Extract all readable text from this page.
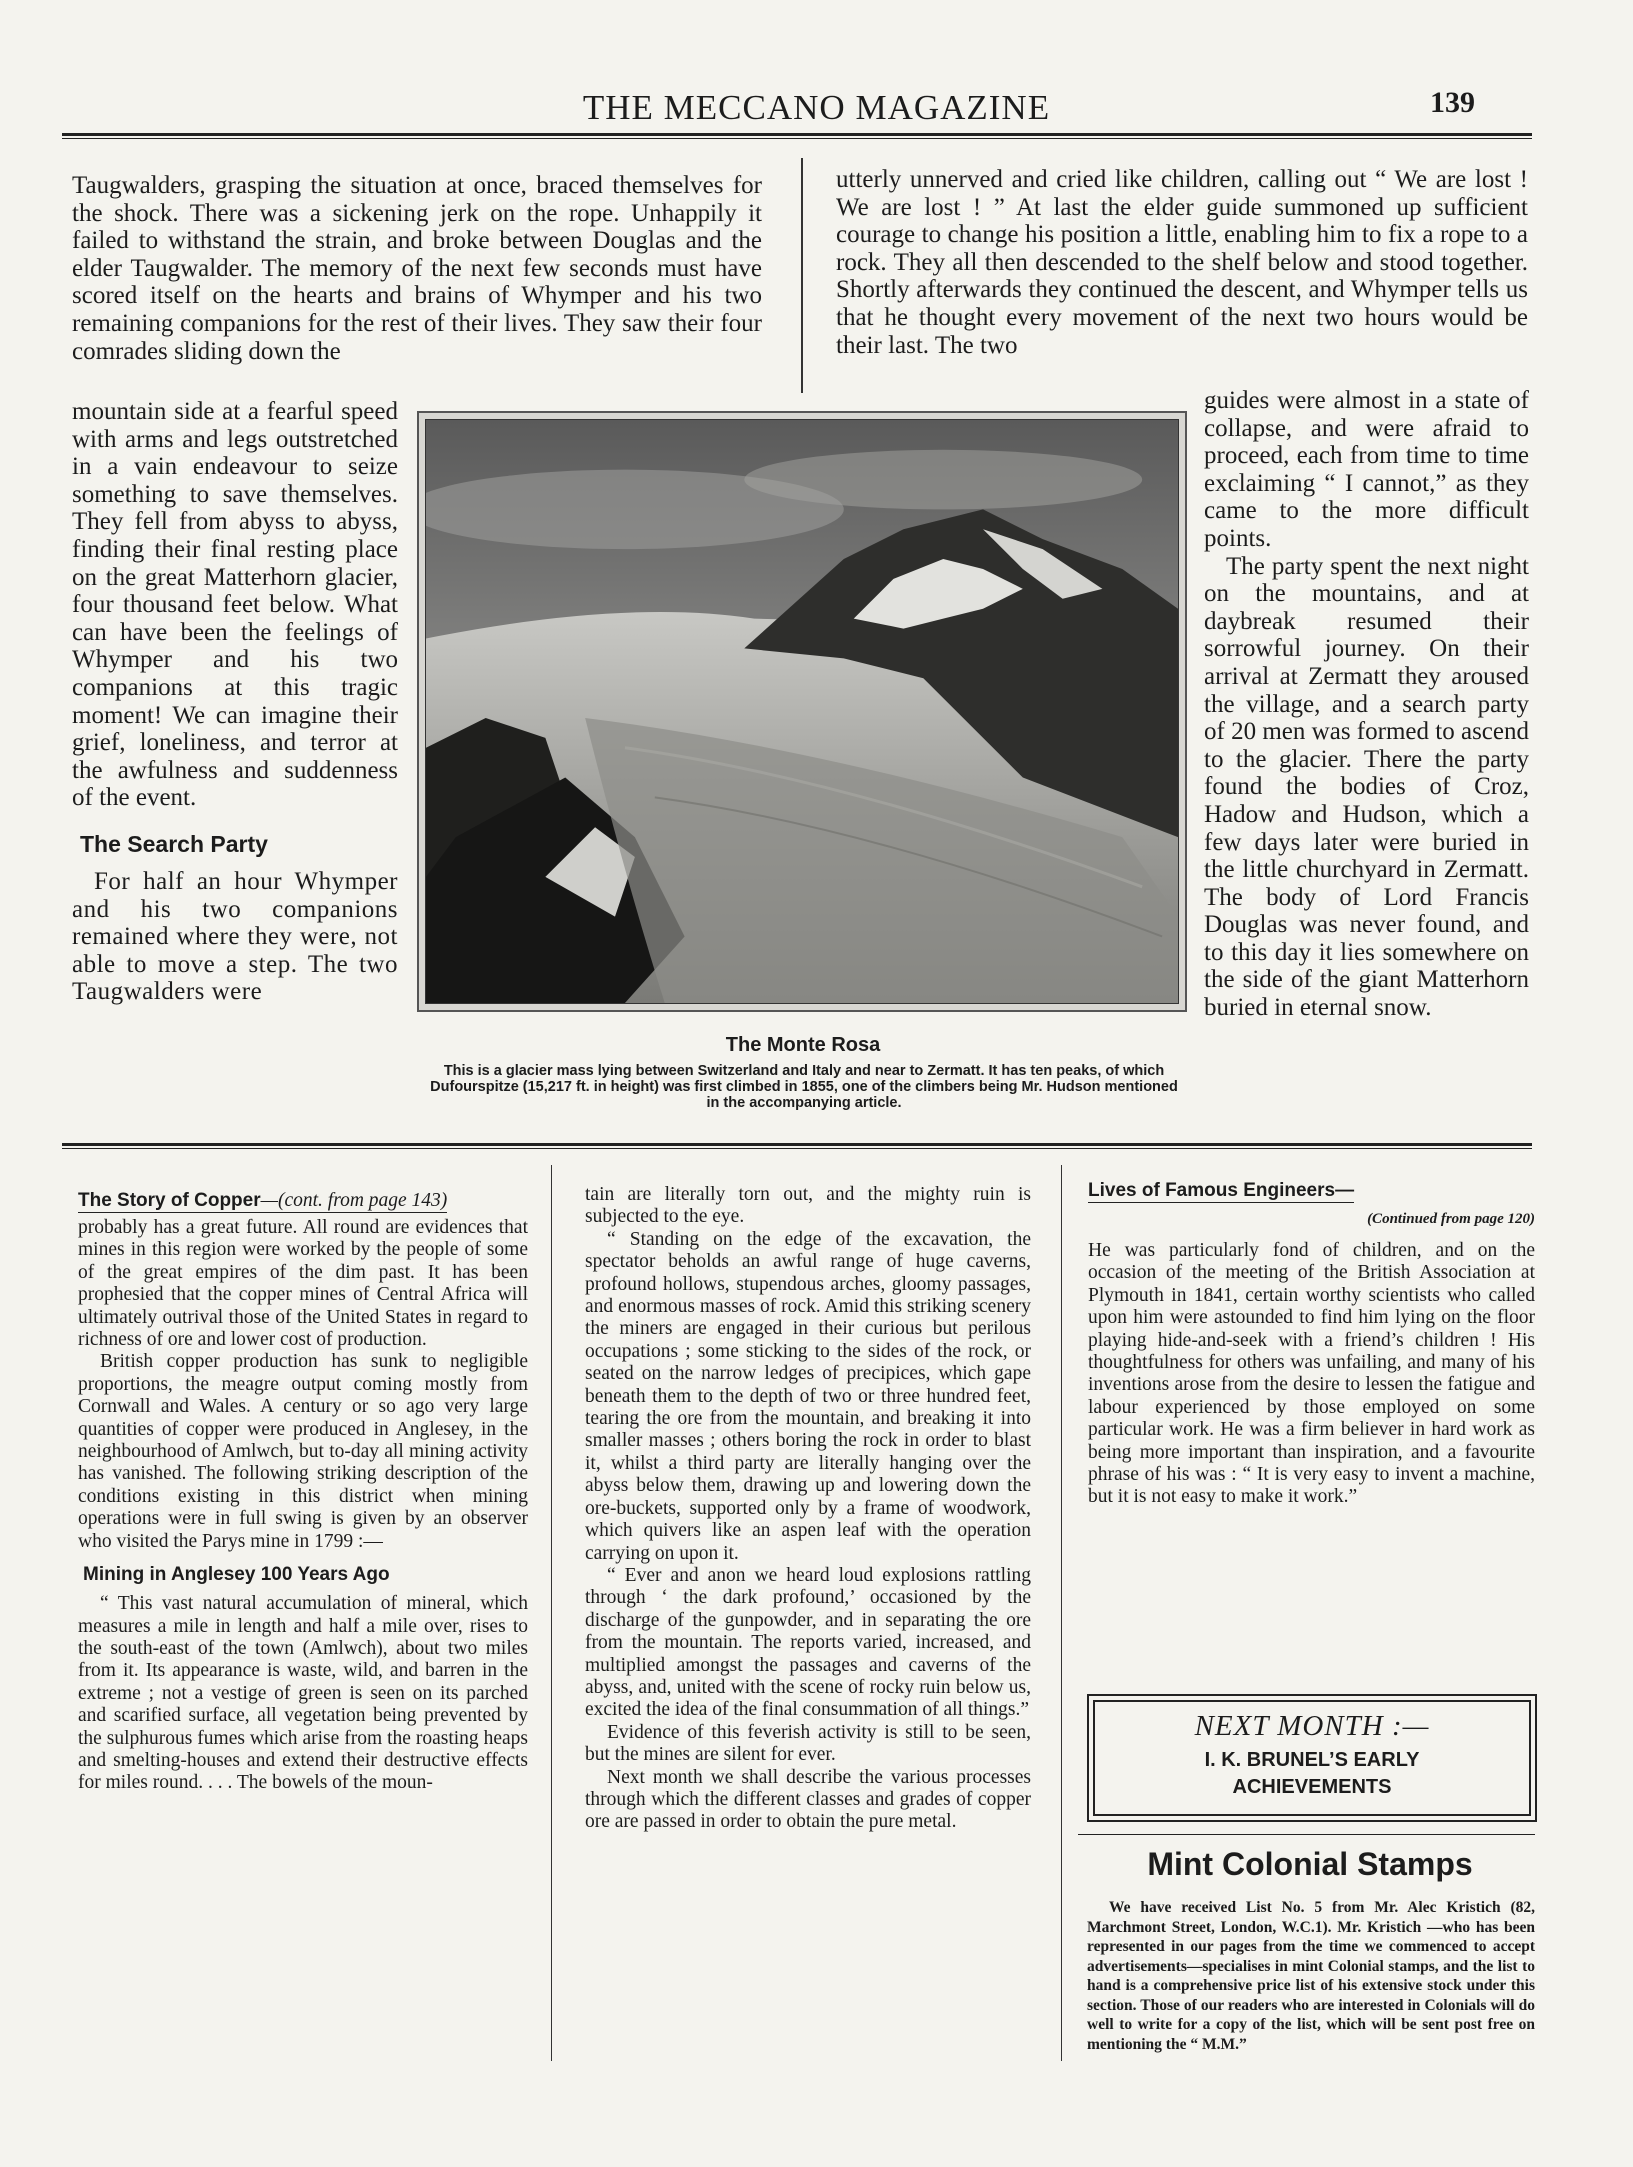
THE MECCANO MAGAZINE	139

Taugwalders, grasping the situation at once, braced themselves for the shock. There was a sickening jerk on the rope. Unhappily it failed to withstand the strain, and broke between Douglas and the elder Taugwalder. The memory of the next few seconds must have scored itself on the hearts and brains of Whymper and his two remaining companions for the rest of their lives. They saw their four comrades sliding down the

mountain side at a fearful speed with arms and legs outstretched in a vain endeavour to seize something to save themselves. They fell from abyss to abyss, finding their final resting place on the great Matterhorn glacier, four thousand feet below. What can have been the feelings of Whymper and his two companions at this tragic moment! We can imagine their grief, loneliness, and terror at the awfulness and suddenness of the event.

The Search Party

For half an hour Whymper and his two companions remained where they were, not able to move a step. The two Taugwalders were

utterly unnerved and cried like children, calling out “ We are lost ! We are lost ! ” At last the elder guide summoned up sufficient courage to change his position a little, enabling him to fix a rope to a rock. They all then descended to the shelf below and stood together. Shortly afterwards they continued the descent, and Whymper tells us that he thought every movement of the next two hours would be their last. The two

guides were almost in a state of collapse, and were afraid to proceed, each from time to time exclaiming “ I cannot,” as they came to the more difficult points.

The party spent the next night on the mountains, and at daybreak resumed their sorrowful journey. On their arrival at Zermatt they aroused the village, and a search party of 20 men was formed to ascend to the glacier. There the party found the bodies of Croz, Hadow and Hudson, which a few days later were buried in the little churchyard in Zermatt. The body of Lord Francis Douglas was never found, and to this day it lies somewhere on the side of the giant Matterhorn buried in eternal snow.

The Monte Rosa
This is a glacier mass lying between Switzerland and Italy and near to Zermatt. It has ten peaks, of which Dufourspitze (15,217 ft. in height) was first climbed in 1855, one of the climbers being Mr. Hudson mentioned in the accompanying article.
The Story of Copper—(cont. from page 143)

probably has a great future. All round are evidences that mines in this region were worked by the people of some of the great empires of the dim past. It has been prophesied that the copper mines of Central Africa will ultimately outrival those of the United States in regard to richness of ore and lower cost of production.

British copper production has sunk to negligible proportions, the meagre output coming mostly from Cornwall and Wales. A century or so ago very large quantities of copper were produced in Anglesey, in the neighbourhood of Amlwch, but to-day all mining activity has vanished. The following striking description of the conditions existing in this district when mining operations were in full swing is given by an observer who visited the Parys mine in 1799 :—

Mining in Anglesey 100 Years Ago

“ This vast natural accumulation of mineral, which measures a mile in length and half a mile over, rises to the south-east of the town (Amlwch), about two miles from it. Its appearance is waste, wild, and barren in the extreme ; not a vestige of green is seen on its parched and scarified surface, all vegetation being prevented by the sulphurous fumes which arise from the roasting heaps and smelting-houses and extend their destructive effects for miles round. . . . The bowels of the moun-

tain are literally torn out, and the mighty ruin is subjected to the eye.

“ Standing on the edge of the excavation, the spectator beholds an awful range of huge caverns, profound hollows, stupendous arches, gloomy passages, and enormous masses of rock. Amid this striking scenery the miners are engaged in their curious but perilous occupations ; some sticking to the sides of the rock, or seated on the narrow ledges of precipices, which gape beneath them to the depth of two or three hundred feet, tearing the ore from the mountain, and breaking it into smaller masses ; others boring the rock in order to blast it, whilst a third party are literally hanging over the abyss below them, drawing up and lowering down the ore-buckets, supported only by a frame of woodwork, which quivers like an aspen leaf with the operation carrying on upon it.

“ Ever and anon we heard loud explosions rattling through ‘ the dark profound,’ occasioned by the discharge of the gunpowder, and in separating the ore from the mountain. The reports varied, increased, and multiplied amongst the passages and caverns of the abyss, and, united with the scene of rocky ruin below us, excited the idea of the final consummation of all things.”

Evidence of this feverish activity is still to be seen, but the mines are silent for ever.

Next month we shall describe the various processes through which the different classes and grades of copper ore are passed in order to obtain the pure metal.

Lives of Famous Engineers—
(Continued from page 120)

He was particularly fond of children, and on the occasion of the meeting of the British Association at Plymouth in 1841, certain worthy scientists who called upon him were astounded to find him lying on the floor playing hide-and-seek with a friend’s children ! His thoughtfulness for others was unfailing, and many of his inventions arose from the desire to lessen the fatigue and labour experienced by those employed on some particular work. He was a firm believer in hard work as being more important than inspiration, and a favourite phrase of his was : “ It is very easy to invent a machine, but it is not easy to make it work.”

NEXT MONTH :—
I. K. BRUNEL’S EARLY
ACHIEVEMENTS
Mint Colonial Stamps

We have received List No. 5 from Mr. Alec Kristich (82, Marchmont Street, London, W.C.1). Mr. Kristich —who has been represented in our pages from the time we commenced to accept advertisements—specialises in mint Colonial stamps, and the list to hand is a comprehensive price list of his extensive stock under this section. Those of our readers who are interested in Colonials will do well to write for a copy of the list, which will be sent post free on mentioning the “ M.M.”
